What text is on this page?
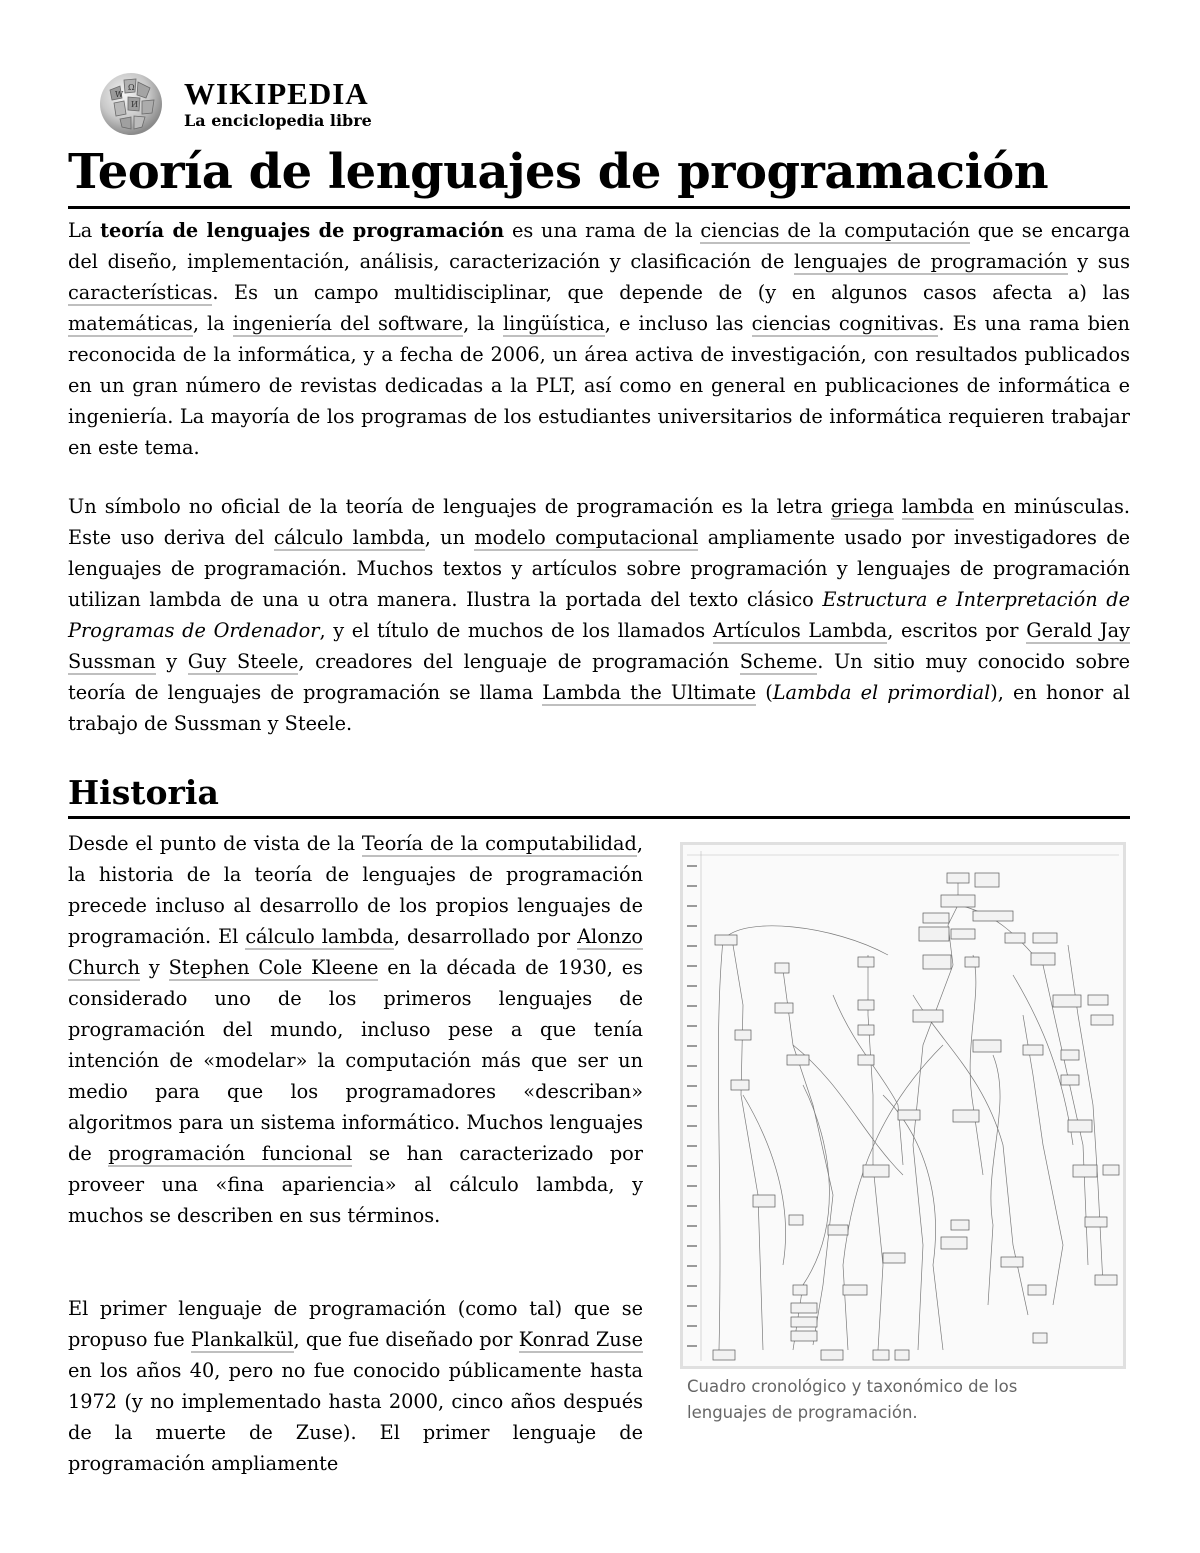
W
Ω
И WIKIPEDIA
La enciclopedia libre
Teoría de lenguajes de programación

La teoría de lenguajes de programación es una rama de la ciencias de la computación que se encarga del diseño, implementación, análisis, caracterización y clasificación de lenguajes de programación y sus características. Es un campo multidisciplinar, que depende de (y en algunos casos afecta a) las matemáticas, la ingeniería del software, la lingüística, e incluso las ciencias cognitivas. Es una rama bien reconocida de la informática, y a fecha de 2006, un área activa de investigación, con resultados publicados en un gran número de revistas dedicadas a la PLT, así como en general en publicaciones de informática e ingeniería. La mayoría de los programas de los estudiantes universitarios de informática requieren trabajar en este tema.

Un símbolo no oficial de la teoría de lenguajes de programación es la letra griega lambda en minúsculas. Este uso deriva del cálculo lambda, un modelo computacional ampliamente usado por investigadores de lenguajes de programación. Muchos textos y artículos sobre programación y lenguajes de programación utilizan lambda de una u otra manera. Ilustra la portada del texto clásico Estructura e Interpretación de Programas de Ordenador, y el título de muchos de los llamados Artículos Lambda, escritos por Gerald Jay Sussman y Guy Steele, creadores del lenguaje de programación Scheme. Un sitio muy conocido sobre teoría de lenguajes de programación se llama Lambda the Ultimate (Lambda el primordial), en honor al trabajo de Sussman y Steele.

Historia

Desde el punto de vista de la Teoría de la computabilidad, la historia de la teoría de lenguajes de programación precede incluso al desarrollo de los propios lenguajes de programación. El cálculo lambda, desarrollado por Alonzo Church y Stephen Cole Kleene en la década de 1930, es considerado uno de los primeros lenguajes de programación del mundo, incluso pese a que tenía intención de «modelar» la computación más que ser un medio para que los programadores «describan» algoritmos para un sistema informático. Muchos lenguajes de programación funcional se han caracterizado por proveer una «fina apariencia» al cálculo lambda, y muchos se describen en sus términos.

El primer lenguaje de programación (como tal) que se propuso fue Plankalkül, que fue diseñado por Konrad Zuse en los años 40, pero no fue conocido públicamente hasta 1972 (y no implementado hasta 2000, cinco años después de la muerte de Zuse). El primer lenguaje de programación ampliamente

Cuadro cronológico y taxonómico de los lenguajes de programación.
